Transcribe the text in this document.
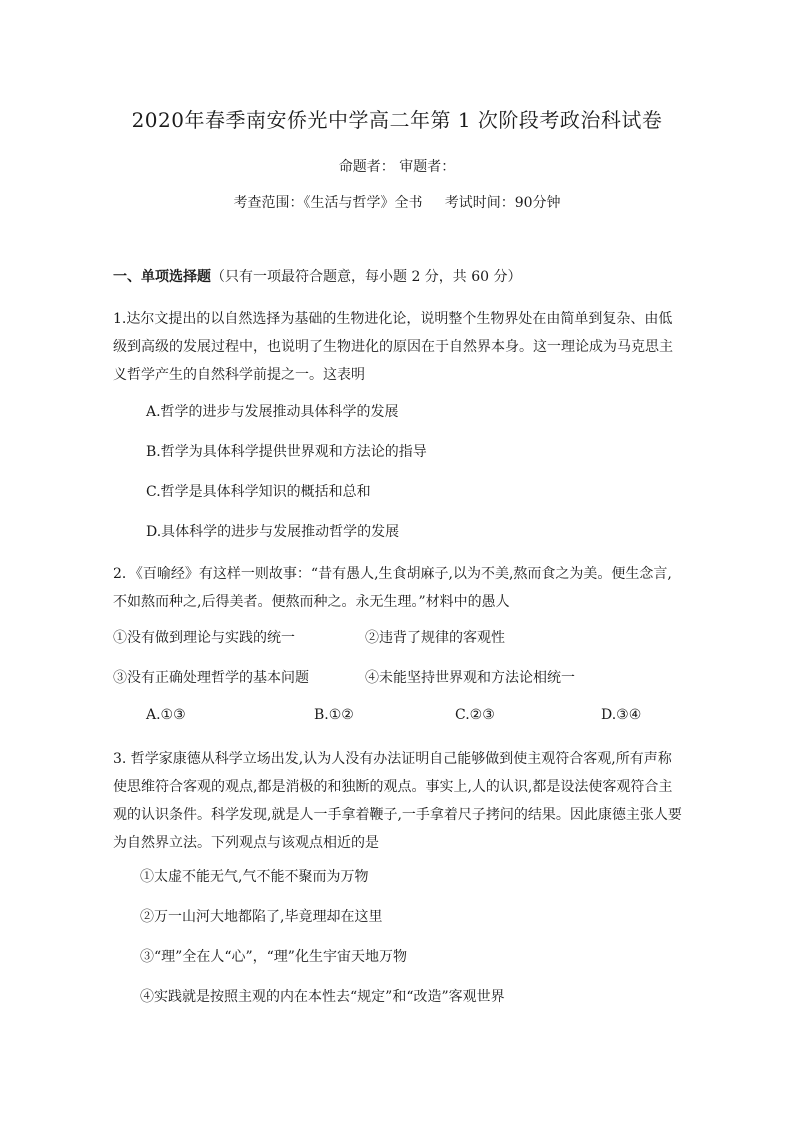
2020年春季南安侨光中学高二年第 1 次阶段考政治科试卷
命题者： 审题者：
考查范围：《生活与哲学》全书     考试时间：90分钟
一、单项选择题（只有一项最符合题意，每小题 2 分，共 60 分）
1.达尔文提出的以自然选择为基础的生物进化论，说明整个生物界处在由简单到复杂、由低级到高级的发展过程中，也说明了生物进化的原因在于自然界本身。这一理论成为马克思主义哲学产生的自然科学前提之一。这表明
A.哲学的进步与发展推动具体科学的发展
B.哲学为具体科学提供世界观和方法论的指导
C.哲学是具体科学知识的概括和总和
D.具体科学的进步与发展推动哲学的发展
2．《百喻经》有这样一则故事：“昔有愚人,生食胡麻子,以为不美,熬而食之为美。便生念言,不如熬而种之,后得美者。便熬而种之。永无生理。”材料中的愚人
①没有做到理论与实践的统一	②违背了规律的客观性
③没有正确处理哲学的基本问题	④未能坚持世界观和方法论相统一
A.①③	B.①②	C.②③	D.③④
3. 哲学家康德从科学立场出发,认为人没有办法证明自己能够做到使主观符合客观,所有声称使思维符合客观的观点,都是消极的和独断的观点。事实上,人的认识,都是设法使客观符合主观的认识条件。科学发现,就是人一手拿着鞭子,一手拿着尺子拷问的结果。因此康德主张人要为自然界立法。下列观点与该观点相近的是
①太虚不能无气,气不能不聚而为万物
②万一山河大地都陷了,毕竟理却在这里
③“理”全在人“心”，“理”化生宇宙天地万物
④实践就是按照主观的内在本性去“规定”和“改造”客观世界
